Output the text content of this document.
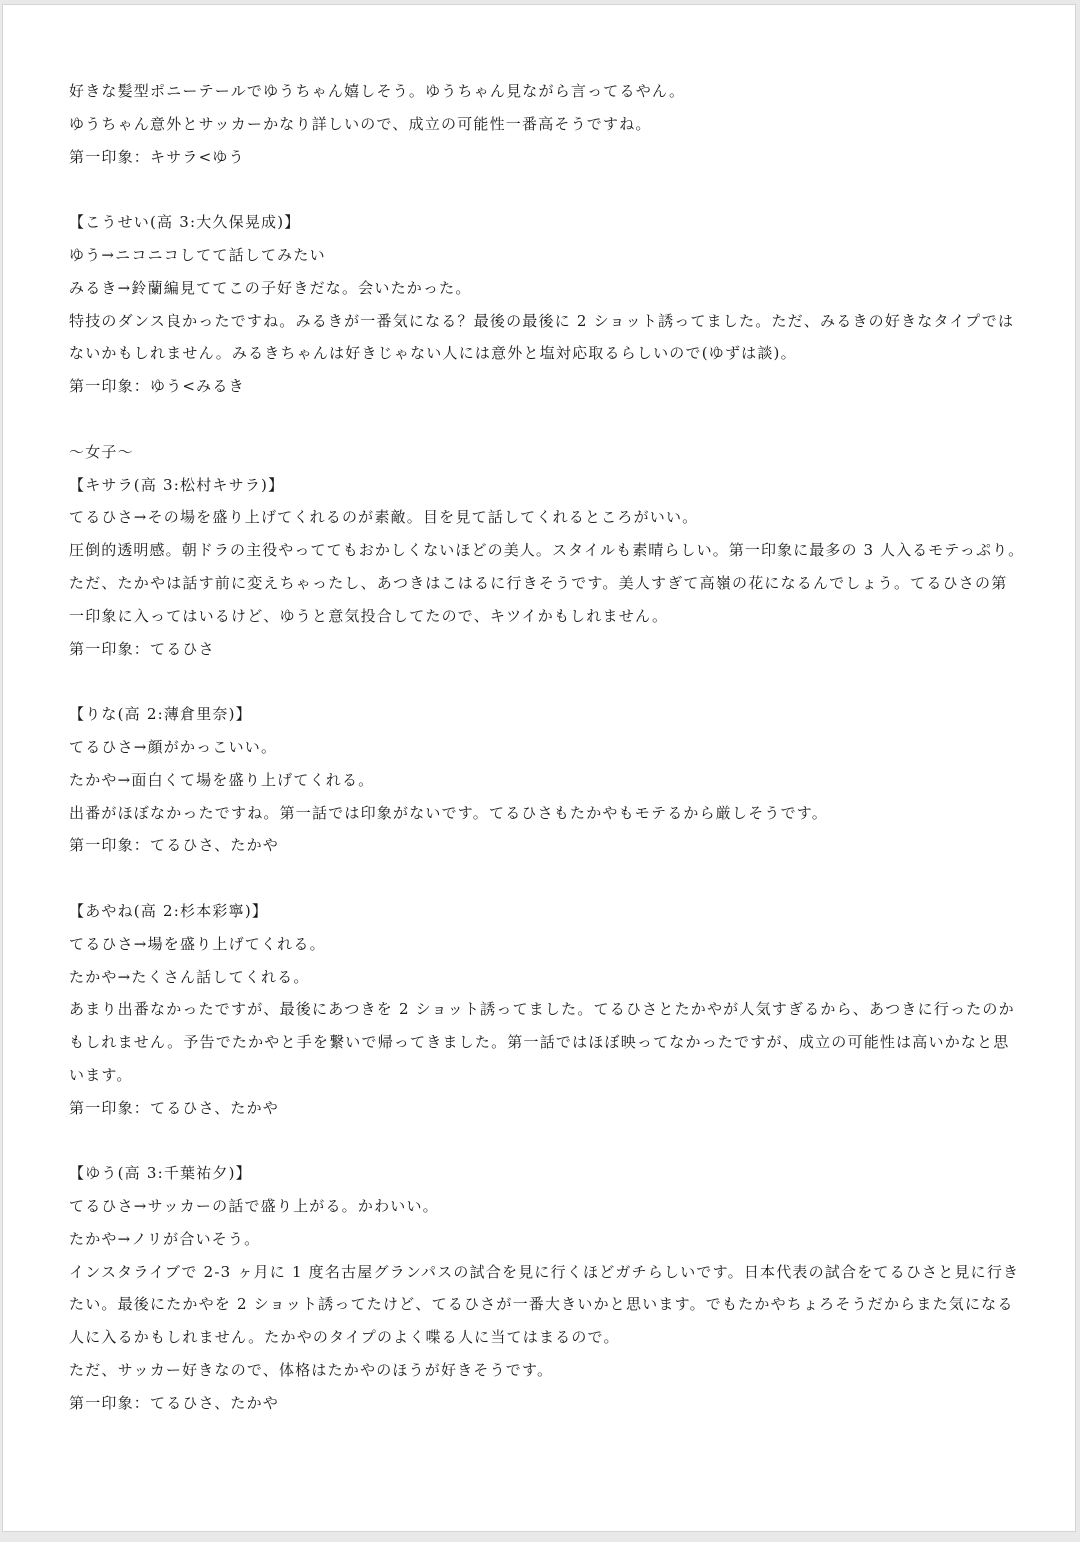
好きな髪型ポニーテールでゆうちゃん嬉しそう。ゆうちゃん見ながら言ってるやん。
ゆうちゃん意外とサッカーかなり詳しいので、成立の可能性一番高そうですね。
第一印象：キサラ<ゆう
【こうせい(高 3:大久保晃成)】
ゆう→ニコニコしてて話してみたい
みるき→鈴蘭編見ててこの子好きだな。会いたかった。
特技のダンス良かったですね。みるきが一番気になる？最後の最後に 2 ショット誘ってました。ただ、みるきの好きなタイプでは
ないかもしれません。みるきちゃんは好きじゃない人には意外と塩対応取るらしいので(ゆずは談)。
第一印象：ゆう<みるき
〜女子〜
【キサラ(高 3:松村キサラ)】
てるひさ→その場を盛り上げてくれるのが素敵。目を見て話してくれるところがいい。
圧倒的透明感。朝ドラの主役やっててもおかしくないほどの美人。スタイルも素晴らしい。第一印象に最多の 3 人入るモテっぷり。
ただ、たかやは話す前に変えちゃったし、あつきはこはるに行きそうです。美人すぎて高嶺の花になるんでしょう。てるひさの第
一印象に入ってはいるけど、ゆうと意気投合してたので、キツイかもしれません。
第一印象：てるひさ
【りな(高 2:薄倉里奈)】
てるひさ→顔がかっこいい。
たかや→面白くて場を盛り上げてくれる。
出番がほぼなかったですね。第一話では印象がないです。てるひさもたかやもモテるから厳しそうです。
第一印象：てるひさ、たかや
【あやね(高 2:杉本彩寧)】
てるひさ→場を盛り上げてくれる。
たかや→たくさん話してくれる。
あまり出番なかったですが、最後にあつきを 2 ショット誘ってました。てるひさとたかやが人気すぎるから、あつきに行ったのか
もしれません。予告でたかやと手を繋いで帰ってきました。第一話ではほぼ映ってなかったですが、成立の可能性は高いかなと思
います。
第一印象：てるひさ、たかや
【ゆう(高 3:千葉祐夕)】
てるひさ→サッカーの話で盛り上がる。かわいい。
たかや→ノリが合いそう。
インスタライブで 2-3 ヶ月に 1 度名古屋グランパスの試合を見に行くほどガチらしいです。日本代表の試合をてるひさと見に行き
たい。最後にたかやを 2 ショット誘ってたけど、てるひさが一番大きいかと思います。でもたかやちょろそうだからまた気になる
人に入るかもしれません。たかやのタイプのよく喋る人に当てはまるので。
ただ、サッカー好きなので、体格はたかやのほうが好きそうです。
第一印象：てるひさ、たかや
